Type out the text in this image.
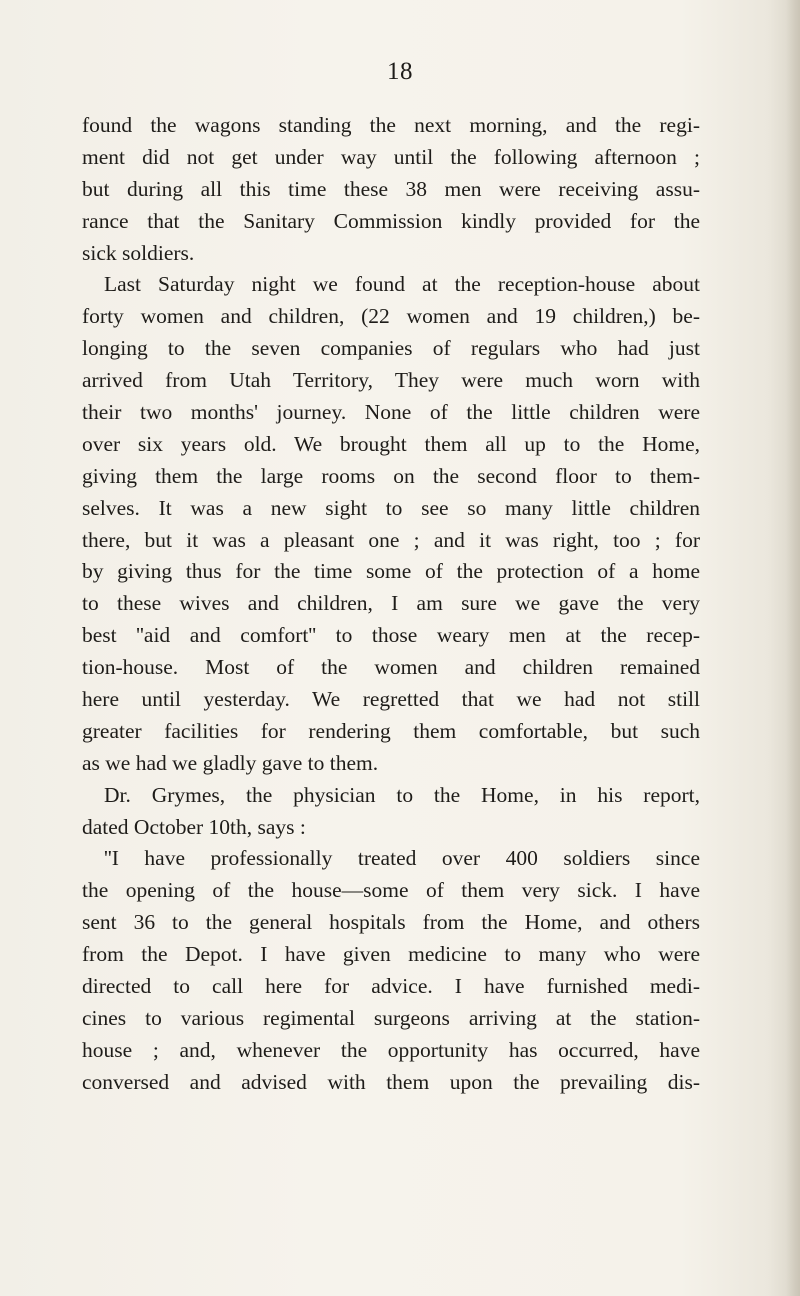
18
found the wagons standing the next morning, and the regi-
ment did not get under way until the following afternoon ;
but during all this time these 38 men were receiving assu-
rance that the Sanitary Commission kindly provided for the
sick soldiers.
Last Saturday night we found at the reception-house about
forty women and children, (22 women and 19 children,) be-
longing to the seven companies of regulars who had just
arrived from Utah Territory, They were much worn with
their two months' journey. None of the little children were
over six years old. We brought them all up to the Home,
giving them the large rooms on the second floor to them-
selves. It was a new sight to see so many little children
there, but it was a pleasant one ; and it was right, too ; for
by giving thus for the time some of the protection of a home
to these wives and children, I am sure we gave the very
best ''aid and comfort'' to those weary men at the recep-
tion-house. Most of the women and children remained
here until yesterday. We regretted that we had not still
greater facilities for rendering them comfortable, but such
as we had we gladly gave to them.
Dr. Grymes, the physician to the Home, in his report,
dated October 10th, says :
''I have professionally treated over 400 soldiers since
the opening of the house—some of them very sick. I have
sent 36 to the general hospitals from the Home, and others
from the Depot. I have given medicine to many who were
directed to call here for advice. I have furnished medi-
cines to various regimental surgeons arriving at the station-
house ; and, whenever the opportunity has occurred, have
conversed and advised with them upon the prevailing dis-
